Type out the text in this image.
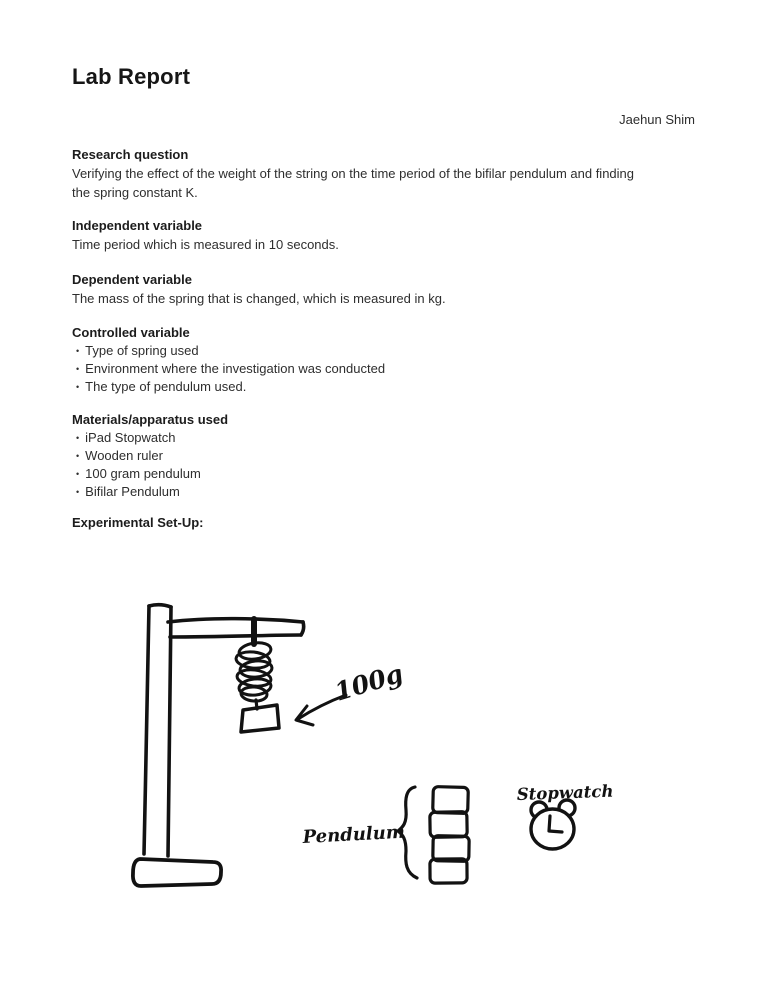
Lab Report
Jaehun Shim
Research question

Verifying the effect of the weight of the string on the time period of the bifilar pendulum and finding the spring constant K.

Independent variable

Time period which is measured in 10 seconds.

Dependent variable

The mass of the spring that is changed, which is measured in kg.

Controlled variable
• Type of spring used
• Environment where the investigation was conducted
• The type of pendulum used.
Materials/apparatus used
• iPad Stopwatch
• Wooden ruler
• 100 gram pendulum
• Bifilar Pendulum
Experimental Set-Up:
100g
Pendulum
Stopwatch
